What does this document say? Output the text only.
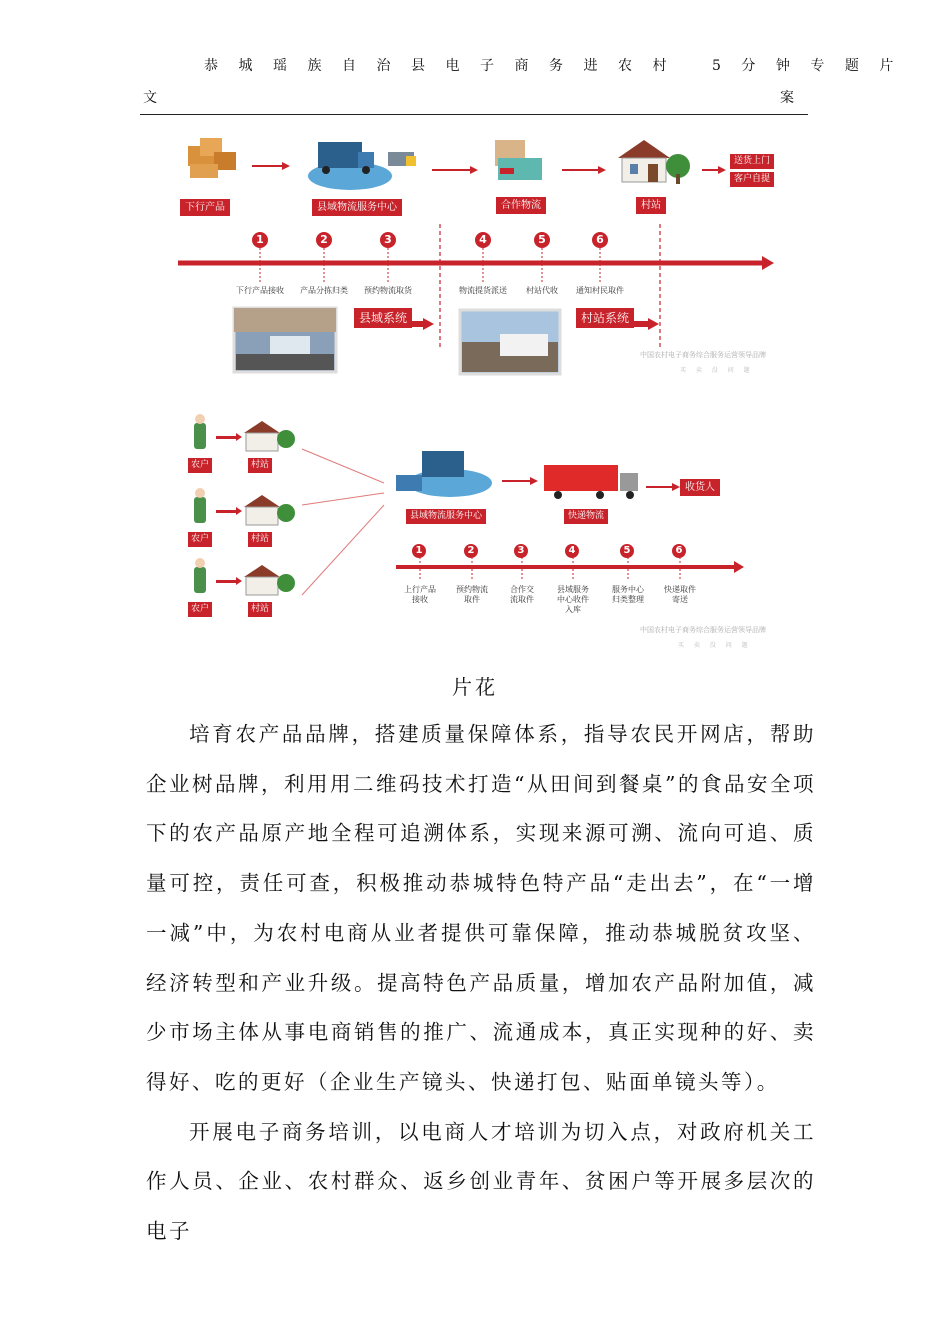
恭城瑶族自治县电子商务进农村 5分钟专题片
文	案
下行产品	县域物流服务中心	合作物流	村站
送货上门
客户自提
1	2	3	4	5	6
下行产品接收	产品分拣归类	预约物流取货	物流提货派送	村站代收	通知村民取件
县域系统	村站系统
中国农村电子商务综合服务运营领导品牌
买 卖 没 问 题
农户
农户
农户
村站
村站
村站
县域物流服务中心	快递物流
收货人
1	2	3	4	5	6
上行产品
接收
预约物流
取件
合作交
流取件
县域服务
中心收件
入库
服务中心
归类整理
快递取件
寄送
中国农村电子商务综合服务运营领导品牌
买 卖 没 问 题
片花

培育农产品品牌，搭建质量保障体系，指导农民开网店，帮助企业树品牌，利用用二维码技术打造“从田间到餐桌”的食品安全项下的农产品原产地全程可追溯体系，实现来源可溯、流向可追、质量可控，责任可查，积极推动恭城特色特产品“走出去”，在“一增一减”中，为农村电商从业者提供可靠保障，推动恭城脱贫攻坚、经济转型和产业升级。提高特色产品质量，增加农产品附加值，减少市场主体从事电商销售的推广、流通成本，真正实现种的好、卖得好、吃的更好（企业生产镜头、快递打包、贴面单镜头等）。

开展电子商务培训，以电商人才培训为切入点，对政府机关工作人员、企业、农村群众、返乡创业青年、贫困户等开展多层次的电子
